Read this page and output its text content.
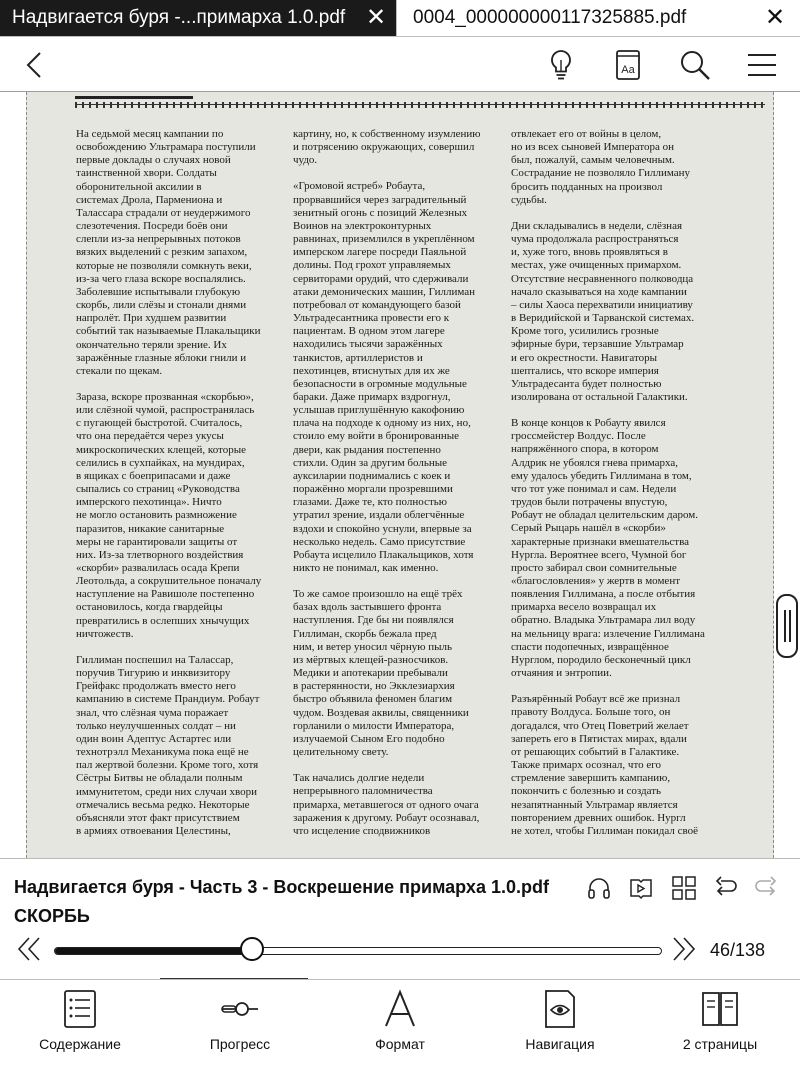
Надвигается буря -...примарха 1.0.pdf ✕ 0004_000000000117325885.pdf	✕
Aa

На седьмой месяц кампании по
освобождению Ультрамара поступили
первые доклады о случаях новой
таинственной хвори. Солдаты
оборонительной аксилии в
системах Дрола, Пармениона и
Талассара страдали от неудержимого
слезотечения. Посреди боёв они
слепли из-за непрерывных потоков
вязких выделений с резким запахом,
которые не позволяли сомкнуть веки,
из-за чего глаза вскоре воспалялись.
Заболевшие испытывали глубокую
скорбь, лили слёзы и стонали днями
напролёт. При худшем развитии
событий так называемые Плакальщики
окончательно теряли зрение. Их
заражённые глазные яблоки гнили и
стекали по щекам.

Зараза, вскоре прозванная «скорбью»,
или слёзной чумой, распространялась
с пугающей быстротой. Считалось,
что она передаётся через укусы
микроскопических клещей, которые
селились в сухпайках, на мундирах,
в ящиках с боеприпасами и даже
сыпались со страниц «Руководства
имперского пехотинца». Ничто
не могло остановить размножение
паразитов, никакие санитарные
меры не гарантировали защиты от
них. Из-за тлетворного воздействия
«скорби» развалилась осада Крепи
Леотольда, а сокрушительное поначалу
наступление на Равишоле постепенно
остановилось, когда гвардейцы
превратились в ослепших хнычущих
ничтожеств.

Гиллиман поспешил на Талассар,
поручив Тигурию и инквизитору
Грейфакс продолжать вместо него
кампанию в системе Прандиум. Робаут
знал, что слёзная чума поражает
только неулучшенных солдат – ни
один воин Адептус Астартес или
технотрэлл Механикума пока ещё не
пал жертвой болезни. Кроме того, хотя
Сёстры Битвы не обладали полным
иммунитетом, среди них случаи хвори
отмечались весьма редко. Некоторые
объясняли этот факт присутствием
в армиях отвоевания Целестины,

картину, но, к собственному изумлению
и потрясению окружающих, совершил
чудо.

«Громовой ястреб» Робаута,
прорвавшийся через заградительный
зенитный огонь с позиций Железных
Воинов на электроконтурных
равнинах, приземлился в укреплённом
имперском лагере посреди Паяльной
долины. Под грохот управляемых
сервиторами орудий, что сдерживали
атаки демонических машин, Гиллиман
потребовал от командующего базой
Ультрадесантника провести его к
пациентам. В одном этом лагере
находились тысячи заражённых
танкистов, артиллеристов и
пехотинцев, втиснутых для их же
безопасности в огромные модульные
бараки. Даже примарх вздрогнул,
услышав приглушённую какофонию
плача на подходе к одному из них, но,
стоило ему войти в бронированные
двери, как рыдания постепенно
стихли. Один за другим больные
ауксиларии поднимались с коек и
поражённо моргали прозревшими
глазами. Даже те, кто полностью
утратил зрение, издали облегчённые
вздохи и спокойно уснули, впервые за
несколько недель. Само присутствие
Робаута исцелило Плакальщиков, хотя
никто не понимал, как именно.

То же самое произошло на ещё трёх
базах вдоль застывшего фронта
наступления. Где бы ни появлялся
Гиллиман, скорбь бежала пред
ним, и ветер уносил чёрную пыль
из мёртвых клещей-разносчиков.
Медики и апотекарии пребывали
в растерянности, но Экклезиархия
быстро объявила феномен благим
чудом. Воздевая аквилы, священники
горланили о милости Императора,
излучаемой Сыном Его подобно
целительному свету.

Так начались долгие недели
непрерывного паломничества
примарха, метавшегося от одного очага
заражения к другому. Робаут осознавал,
что исцеление сподвижников

отвлекает его от войны в целом,
но из всех сыновей Императора он
был, пожалуй, самым человечным.
Сострадание не позволяло Гиллиману
бросить подданных на произвол
судьбы.

Дни складывались в недели, слёзная
чума продолжала распространяться
и, хуже того, вновь проявляться в
местах, уже очищенных примархом.
Отсутствие несравненного полководца
начало сказываться на ходе кампании
– силы Хаоса перехватили инициативу
в Веридийской и Тарванской системах.
Кроме того, усилились грозные
эфирные бури, терзавшие Ультрамар
и его окрестности. Навигаторы
шептались, что вскоре империя
Ультрадесанта будет полностью
изолирована от остальной Галактики.

В конце концов к Робауту явился
гроссмейстер Волдус. После
напряжённого спора, в котором
Алдрик не убоялся гнева примарха,
ему удалось убедить Гиллимана в том,
что тот уже понимал и сам. Недели
трудов были потрачены впустую,
Робаут не обладал целительским даром.
Серый Рыцарь нашёл в «скорби»
характерные признаки вмешательства
Нургла. Вероятнее всего, Чумной бог
просто забирал свои сомнительные
«благословления» у жертв в момент
появления Гиллимана, а после отбытия
примарха весело возвращал их
обратно. Владыка Ультрамара лил воду
на мельницу врага: излечение Гиллимана
спасти подопечных, извращённое
Нурглом, породило бесконечный цикл
отчаяния и энтропии.

Разъярённый Робаут всё же признал
правоту Волдуса. Больше того, он
догадался, что Отец Поветрий желает
запереть его в Пятистах мирах, вдали
от решающих событий в Галактике.
Также примарх осознал, что его
стремление завершить кампанию,
покончить с болезнью и создать
незапятнанный Ультрамар является
повторением древних ошибок. Нургл
не хотел, чтобы Гиллиман покидал своё

Надвигается буря - Часть 3 - Воскрешение примарха 1.0.pdf
СКОРБЬ
46/138
Содержание	Прогресс	Формат	Навигация	2 страницы
